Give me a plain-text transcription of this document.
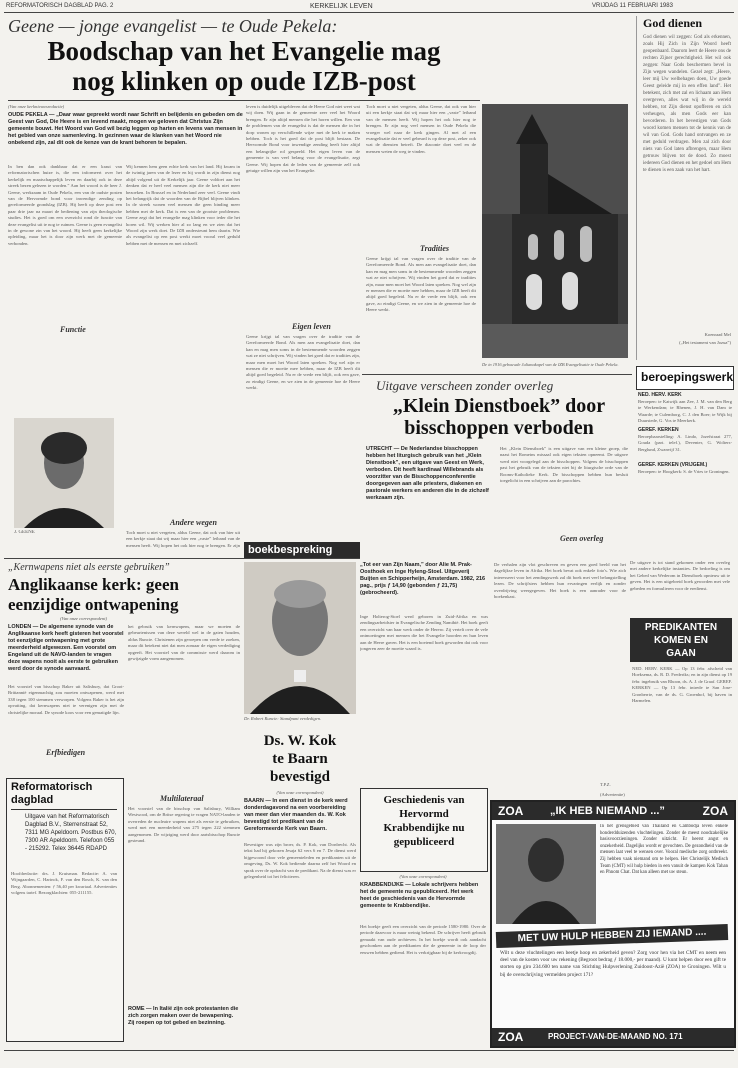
REFORMATORISCH DAGBLAD PAG. 2	KERKELIJK LEVEN	VRIJDAG 11 FEBRUARI 1983
Geene — jonge evangelist — te Oude Pekela:
Boodschap van het Evangelie mag
nog klinken op oude IZB-post
(Van onze kerknieuwsredactie)
OUDE PEKELA — „Daar waar gepreekt wordt naar Schrift en belijdenis en gebeden om de Geest van God, Die Heere is en levend maakt, mogen we geloven dat Christus Zijn gemeente bouwt. Het Woord van God wil bezig leggen op harten en levens van mensen in het gebied van onze samenleving. In gezinnen waar de klanken van het Woord nie onbekend zijn, zal dit ook de kenze van de krant behoren te bepalen.
In ben dan ook dankbaar dat er een kraut van reformatorischen huize is, die een informeert over het kerkelijk en maatschappelijk leven en daarbij ook in deze streek bezen gelezen te worden.” Aan het woord is de heer J. Geene, werkzaam in Oude Pekela, een van de oudste posten van de Hervormde bond voor inwendige zending op gereformeerde grondslag (IZB). Hij heeft op deze post een paar drie jaar na maart de bediening van zijn theologische studies. Het is goed om een overzicht rond de functie van deze evangelist uit te nog te ruimen. Geene is geen evangelist in de gewone zin van het woord. Hij heeft geen kerkelijke opleiding, maar het is door zijn werk met de gemeente verbonden.
J. GEENE
Functie
Wij kennen hem geen echte kerk van het land. Hij kwam in de twintig jaren van de lezer en hij wordt in zijn dienst nog altijd volgend uit de Kerkelijk jaar. Geene voldoet aan het denken dat er heel veel mensen zijn die de kerk niet meer bezoeken. In Brussel en in Nederland zeer veel. Geene vindt het belangrijk dat de woorden van de Bijbel blijven klinken. In de streek wonen veel mensen die geen binding meer hebben met de kerk. Dat is een van de grootste problemen. Geene zegt dat het evangelie mag klinken voor ieder die het horen wil. Wij werken hier al zo lang en we zien dat het Woord zijn werk doet. De IZB ondersteunt hem daarin. Wie als evangelist op een post werkt moet vooral veel geduld hebben met de mensen en met zichzelf.
Andere wegen
Toch moet u niet vergeten, aldus Geene, dat ook van hier uit een kerkje staat dat wij maar hier een „vaste” leiband van de mensen heeft. Wij hopen het ook hier nog te brengen. Er zijn
leven is duidelijk uitgebleven dat de Heere God niet weet wat wij doen. Wij gaan in de gemeente zeer veel het Woord brengen. Er zijn altijd mensen die het horen willen. Een van de problemen van de evangelist is dat de mensen die in het dorp wonen op verschillende wijze met de kerk te maken hebben. Toch is het goed dat de post blijft bestaan. De Hervormde Bond voor inwendige zending heeft hier altijd een belangrijke rol gespeeld. Het eigen leven van de gemeente is van veel belang voor de evangelisatie, zegt Geene. Wij hopen dat de leden van de gemeente zelf ook getuige willen zijn van het Evangelie.
Eigen leven
Geene krijgt tal van vragen over de traditie van de Gereformeerde Bond. Als men aan evangelisatie doet, dan kan en mag men soms in de bestemmende woorden zeggen wat ze niet schrijven. Wij vinden het goed dat er tradities zijn, maar men moet het Woord laten spreken. Nog wel zijn er mensen die er moeite mee hebben, maar de IZB heeft dit altijd goed begeleid. Nu er de vrede een blijft, ook een gave, zo eindigt Geene, en we zien in de gemeente hoe de Heere werkt.
Toch moet u niet vergeten, aldus Geene, dat ook van hier uit een kerkje staat dat wij maar hier een „vaste” leiband van de mensen heeft. Wij hopen het ook hier nog te brengen. Er zijn nog veel mensen in Oude Pekela die vroeger wel naar de kerk gingen. Al met al een evangelisatie dat er veel gebeurd is op deze post, zeker ook wat de diensten betreft. De diaconie doet veel en de mensen weten de weg te vinden.
Tradities
Geene krijgt tal van vragen over de traditie van de Gereformeerde Bond. Als men aan evangelisatie doet, dan kan en mag men soms in de bestemmende woorden zeggen wat ze niet schrijven. Wij vinden het goed dat er tradities zijn, maar men moet het Woord laten spreken. Nog wel zijn er mensen die er moeite mee hebben, maar de IZB heeft dit altijd goed begeleid. Nu er de vrede een blijft, ook een gave, zo eindigt Geene, en we zien in de gemeente hoe de Heere werkt.
De in 1916 gebouwde Julianakapel van de IZB Evangelisatie te Oude Pekela.
God dienen
God dienen wil zeggen: God als erkennen, zoals Hij Zich in Zijn Woord heeft geopenbaard. Daarom leert de Heere ons de rechten Zijner gerechtigheid. Het wil ook zeggen: Naar Gods beschermen bevel in Zijn wegen wandelen. Gezel zegt: „Heere, leer mij Uw welbehagen doen, Uw goede Geest geleide mij in een effen land”. Het betekent, zich met zal en lichaam aan Hem overgeven, alles wat wij in de wereld hebben, tot Zijn dienst opofferen en zich verheugen, als men Gods eer kan bevorderen. In het bevestigen van Gods woord komen mensen tot de kennis van de wil van God. Gods hand ontvangen en ze met geduld verdragen. Men zal zich door niets van God laten afbrengen, maar Hem getrouw blijven tot de dood. Zo moest iedereen God dienen en het gedoel om Hem te dienen is een zaak van het hart.
Koenraad Mel
(„Het testament van Jozua”)
Uitgave verscheen zonder overleg
„Klein Dienstboek” door
bisschoppen verboden
UTRECHT — De Nederlandse bisschoppen hebben het liturgisch gebruik van het „Klein Dienstboek”, een uitgave van Geest en Werk, verboden. Dit heeft kardinaal Willebrands als voorzitter van de Bisschoppenconferentie doorgegeven aan alle priesters, diakenen en pastorale werkers en anderen die in de zichzelf werkzaam zijn.
Het „Klein Dienstboek” is een uitgave van een kleine groep, die naast het Romeins missaal ook eigen teksten opneemt. De uitgave werd niet voorgelegd aan de bisschoppen. Volgens de bisschoppen past het gebruik van de teksten niet bij de liturgische orde van de Rooms-Katholieke Kerk. De bisschoppen hebben hun besluit toegelicht in een schrijven aan de parochies.
Geen overleg
beroepingswerk
NED. HERV. KERK
Beroepen: te Katwijk aan Zee, J. M. van den Berg te Werkendam; te Rhenen, J. H. van Dam te Waarde; te Culemborg, C. J. den Boer; te Wijk bij Duurstede, G. Vos te Meerkerk.
GEREF. KERKEN
Beroepbaarstelling: A. Lindo, Jozefstraat 277, Gouda (part. telef.), Deventer, G. Wolters-Berglund, Zwanvijf 31.
GEREF. KERKEN (VRIJGEM.)
Beroepen: te Hoogkerk: S. de Vries te Groningen.
„Kernwapens niet als eerste gebruiken”
Anglikaanse kerk: geen
eenzijdige ontwapening
(Van onze correspondent)
LONDEN — De algemene synode van de Anglikaanse kerk heeft gisteren het voorstel tot eenzijdige ontwapening met grote meerderheid afgewezen. Een voorstel om Engeland uit de NAVO-landen te vragen deze wapens nooit als eerste te gebruiken werd door de synode aanvaard.
Het voorstel van bisschop Baker uit Salisbury, dat Groot-Brittannië eigenmachtig zou moeten ontwapenen, werd met 338 tegen 100 stemmen verworpen. Volgens Baker is het zijn opvatting, dat kernwapens niet te verenigen zijn met de christelijke moraal. De synode koos voor een gematigde lijn.
Erfbiedigen
het gebruik van kernwapens, maar we moeten de gebeurtenissen van deze wereld wel in de gaten houden, aldus Runcie. Christenen zijn geroepen om vrede te zoeken, maar dit betekent niet dat men zomaar de eigen verdediging opgeeft. Het voorstel van de commissie werd daarom in gewijzigde vorm aangenomen.
Multilateraal
Het voorstel van de bisschop van Salisbury, William Westwood, om de Britse regering te vragen NATO-landen te overreden de nucleaire wapens niet als eerste te gebruiken, werd met een meerderheid van 275 tegen 222 stemmen aangenomen. De wijziging werd door aartsbisschop Runcie gesteund.
ROME — In Italië zijn ook protestanten die zich zorgen maken over de bewapening. Zij roepen op tot gebed en bezinning.
Dr. Robert Runcie: Standpunt verdedigen.
Ds. W. Kok
te Baarn
bevestigd
(Van onze correspondent)
BAARN — In een dienst in de kerk werd donderdagavond na een voorbereiding van meer dan vier maanden ds. W. Kok bevestigd tot predikant van de Gereformeerde Kerk van Baarn.
Bevestiger was zijn broer, ds. P. Kok, van Dordrecht. Als tekst had hij gekozen Jesaja 62 vers 6 en 7. De dienst werd bijgewoond door vele gemeenteleden en predikanten uit de omgeving. Ds. W. Kok bediende daarna zelf het Woord en sprak over de opdracht van de predikant. Na de dienst was er gelegenheid tot het feliciteren.
Reformatorisch
dagblad
Uitgave van het Reformatorisch Dagblad B.V., Sterrenstraat 52, 7311 MG Apeldoorn. Postbus 670, 7300 AR Apeldoorn. Telefoon 055 - 215292. Telex 36445 RDAPD
Hoofdredactie: drs. J. Kruisman. Redactie: A. van Wijngaarden, C. Harinck, F. van den Bosch, K. van den Berg. Abonnementen: ƒ 56,40 per kwartaal. Advertenties volgens tarief. Bezorgklachten: 055-211155.
boekbespreking
„Tot eer van Zijn Naam,” door Alie M. Prak-Oosthoek en Inge Hyleng-Stoel. Uitgeverij Buijten en Schipperheijn, Amsterdam. 1982, 216 pag., prijs ƒ 14,90 (gebonden ƒ 21,75) (gebrocheerd).
Inge Holterog-Stoel werd geboren in Zuid-Afrika en was zendingsarbeidster in Evangelische Zending Namibië. Het boek geeft een overzicht van haar werk onder de Herero. Zij vertelt over de vele ontmoetingen met mensen die het Evangelie hoorden en hun leven aan de Heere gaven. Het is een boeiend boek geworden dat ook voor jongeren zeer de moeite waard is.
De verhalen zijn vlot geschreven en geven een goed beeld van het dagelijkse leven in Afrika. Het boek bevat ook enkele foto's. Wie zich interesseert voor het zendingswerk zal dit boek met veel belangstelling lezen. De schrijfsters hebben hun ervaringen eerlijk en zonder overdrijving weergegeven. Het boek is een aanrader voor de boekenkast.
T.P.Z.
Geschiedenis van
Hervormd
Krabbendijke nu
gepubliceerd
(Van onze correspondent)
KRABBENDIJKE — Lokale schrijvers hebben het de gemeente nu gepubliceerd. Het werk heet de geschiedenis van de Hervormde gemeente te Krabbendijke.
Het boekje geeft een overzicht van de periode 1580-1980. Over de periode daarvoor is maar weinig bekend. De schrijver heeft gebruik gemaakt van oude archieven. In het boekje wordt ook aandacht geschonken aan de predikanten die de gemeente in de loop der eeuwen hebben gediend. Het is verkrijgbaar bij de kerkvoogdij.
De uitgave is tot stand gekomen onder een overleg met andere kerkelijke instanties. De bedoeling is om het Gebed van Wederom in Dienstboek opnieuw uit te geven. Het is een uitgebreid boek geworden met vele gebeden en formulieren voor de eredienst.
PREDIKANTEN
KOMEN EN
GAAN
NED. HERV. KERK — Op 13 febr. afscheid van Hoeksema, ds. R. D. Frederiks; en in zijn dienst op 19 febr. ingebruik van Rhoon, ds. A. J. de Graaf. GEREF. KERKEN — Op 13 febr. intrede te San Jose-Gronberrie, van de ds. G. Groenhof, bij haven in Harmelen.
(Advertentie)
ZOA „IK HEB NIEMAND ...”	ZOA
In het grensgebied van Thailand en Cambodja leven enkele honderdduizenden vluchtelingen. Zonder de meest noodzakelijke basisvoorzieningen. Zonder uitzicht. Er heerst angst en onzekerheid. Dagelijks wordt er gevochten. De gezondheid van de mensen laat veel te wensen over. Vooral medische zorg ontbreekt. Zij hebben vaak niemand om te helpen. Het Christelijk Medisch Team (CMT) wil hulp bieden in een vanuit de kampen Kok Tahan en Phnom Chat. Dat kan alleen met uw steun.
MET UW HULP HEBBEN ZIJ IEMAND ....
Wilt u deze vluchtelingen een beetje hoop en zekerheid geven? Zorg voor hen via het CMT en neem een deel van de kosten voor uw rekening (Begroot bedrag ƒ 18.000,- per maand). U kunt helpen door een gift te storten op giro 234.600 ten name van Stichting Hulpverlening Zuidoost-Azië (ZOA) te Groningen. Wilt u bij de overschrijving vermelden project 171?
ZOA	PROJECT-VAN-DE-MAAND NO. 171
